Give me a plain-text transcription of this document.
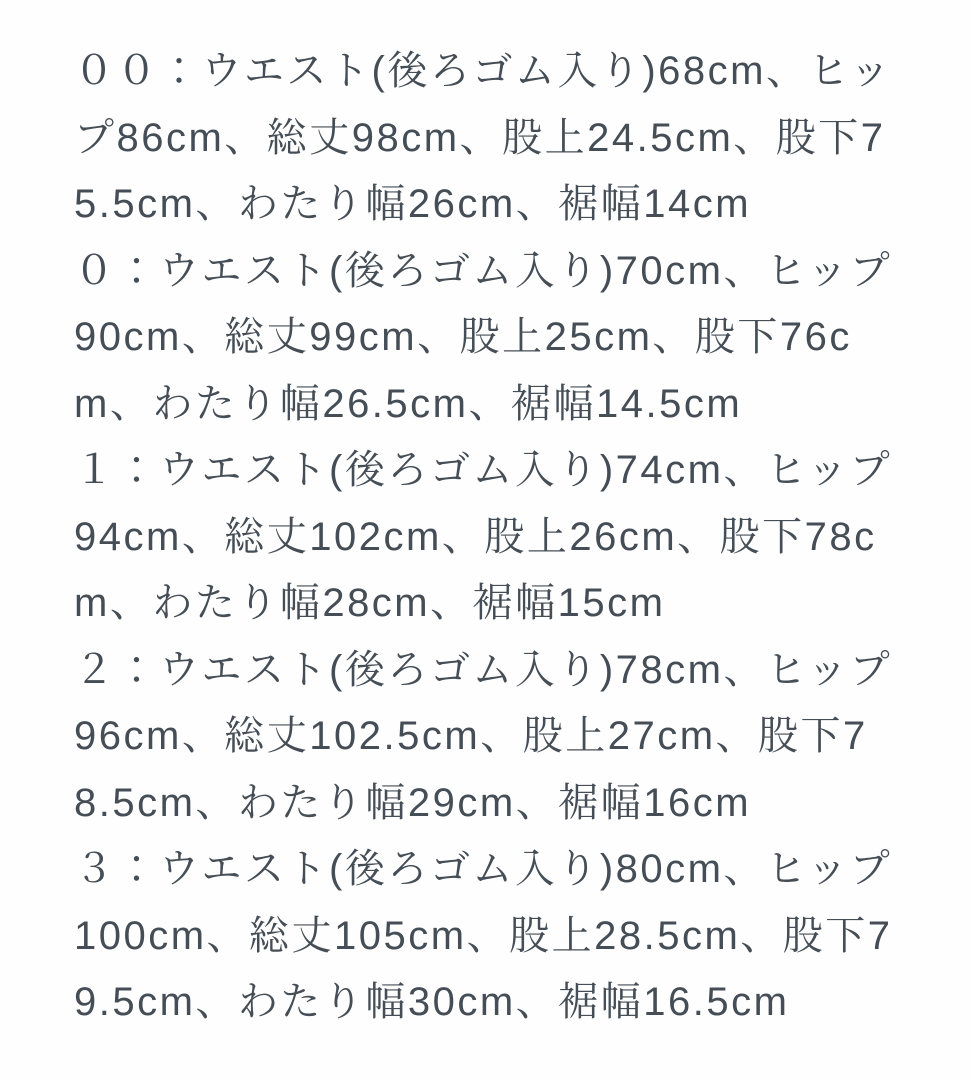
００：ウエスト(後ろゴム入り)68cm、ヒップ86cm、総丈98cm、股上24.5cm、股下75.5cm、わたり幅26cm、裾幅14cm

０：ウエスト(後ろゴム入り)70cm、ヒップ90cm、総丈99cm、股上25cm、股下76cm、わたり幅26.5cm、裾幅14.5cm

１：ウエスト(後ろゴム入り)74cm、ヒップ94cm、総丈102cm、股上26cm、股下78cm、わたり幅28cm、裾幅15cm

２：ウエスト(後ろゴム入り)78cm、ヒップ96cm、総丈102.5cm、股上27cm、股下78.5cm、わたり幅29cm、裾幅16cm

３：ウエスト(後ろゴム入り)80cm、ヒップ100cm、総丈105cm、股上28.5cm、股下79.5cm、わたり幅30cm、裾幅16.5cm
